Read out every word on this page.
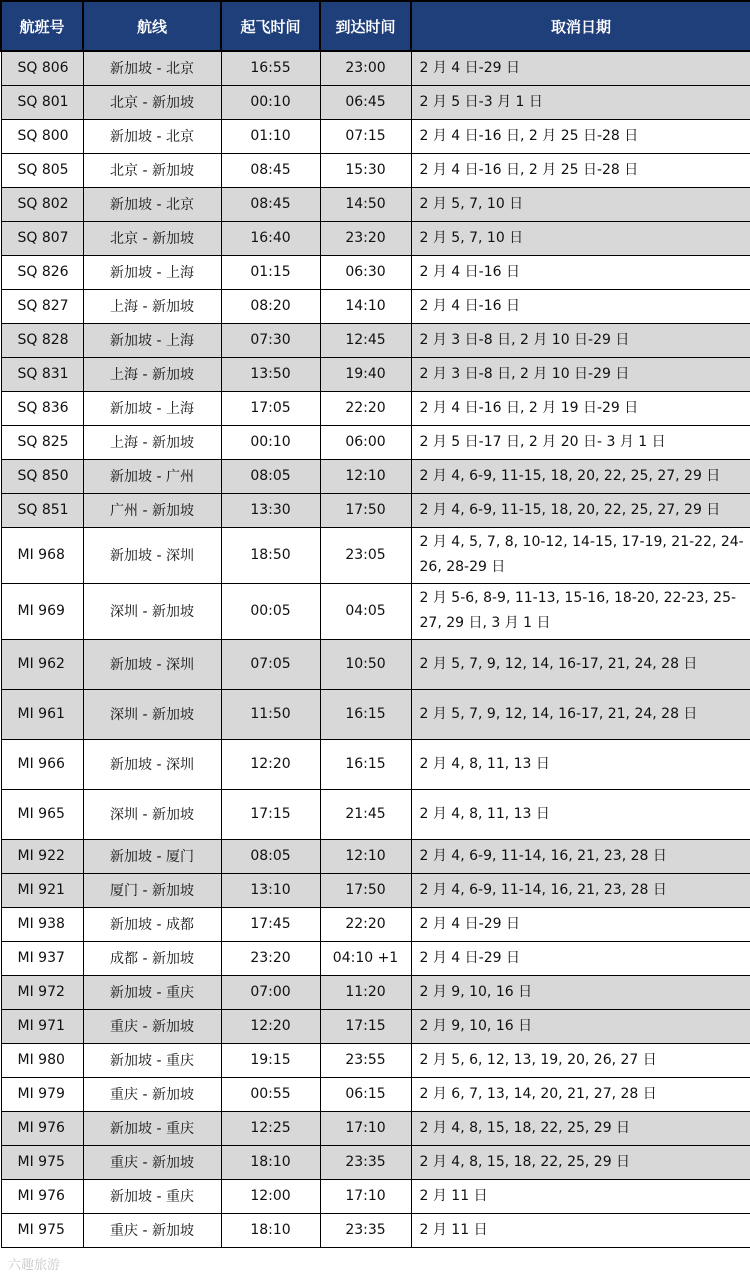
航班号	航线	起飞时间	到达时间	取消日期
SQ 806	新加坡 - 北京	16:55	23:00	2 月 4 日-29 日
SQ 801	北京 - 新加坡	00:10	06:45	2 月 5 日-3 月 1 日
SQ 800	新加坡 - 北京	01:10	07:15	2 月 4 日-16 日, 2 月 25 日-28 日
SQ 805	北京 - 新加坡	08:45	15:30	2 月 4 日-16 日, 2 月 25 日-28 日
SQ 802	新加坡 - 北京	08:45	14:50	2 月 5, 7, 10 日
SQ 807	北京 - 新加坡	16:40	23:20	2 月 5, 7, 10 日
SQ 826	新加坡 - 上海	01:15	06:30	2 月 4 日-16 日
SQ 827	上海 - 新加坡	08:20	14:10	2 月 4 日-16 日
SQ 828	新加坡 - 上海	07:30	12:45	2 月 3 日-8 日, 2 月 10 日-29 日
SQ 831	上海 - 新加坡	13:50	19:40	2 月 3 日-8 日, 2 月 10 日-29 日
SQ 836	新加坡 - 上海	17:05	22:20	2 月 4 日-16 日, 2 月 19 日-29 日
SQ 825	上海 - 新加坡	00:10	06:00	2 月 5 日-17 日, 2 月 20 日- 3 月 1 日
SQ 850	新加坡 - 广州	08:05	12:10	2 月 4, 6-9, 11-15, 18, 20, 22, 25, 27, 29 日
SQ 851	广州 - 新加坡	13:30	17:50	2 月 4, 6-9, 11-15, 18, 20, 22, 25, 27, 29 日
MI 968	新加坡 - 深圳	18:50	23:05	2 月 4, 5, 7, 8, 10-12, 14-15, 17-19, 21-22, 24-26, 28-29 日
MI 969	深圳 - 新加坡	00:05	04:05	2 月 5-6, 8-9, 11-13, 15-16, 18-20, 22-23, 25-27, 29 日, 3 月 1 日
MI 962	新加坡 - 深圳	07:05	10:50	2 月 5, 7, 9, 12, 14, 16-17, 21, 24, 28 日
MI 961	深圳 - 新加坡	11:50	16:15	2 月 5, 7, 9, 12, 14, 16-17, 21, 24, 28 日
MI 966	新加坡 - 深圳	12:20	16:15	2 月 4, 8, 11, 13 日
MI 965	深圳 - 新加坡	17:15	21:45	2 月 4, 8, 11, 13 日
MI 922	新加坡 - 厦门	08:05	12:10	2 月 4, 6-9, 11-14, 16, 21, 23, 28 日
MI 921	厦门 - 新加坡	13:10	17:50	2 月 4, 6-9, 11-14, 16, 21, 23, 28 日
MI 938	新加坡 - 成都	17:45	22:20	2 月 4 日-29 日
MI 937	成都 - 新加坡	23:20	04:10 +1	2 月 4 日-29 日
MI 972	新加坡 - 重庆	07:00	11:20	2 月 9, 10, 16 日
MI 971	重庆 - 新加坡	12:20	17:15	2 月 9, 10, 16 日
MI 980	新加坡 - 重庆	19:15	23:55	2 月 5, 6, 12, 13, 19, 20, 26, 27 日
MI 979	重庆 - 新加坡	00:55	06:15	2 月 6, 7, 13, 14, 20, 21, 27, 28 日
MI 976	新加坡 - 重庆	12:25	17:10	2 月 4, 8, 15, 18, 22, 25, 29 日
MI 975	重庆 - 新加坡	18:10	23:35	2 月 4, 8, 15, 18, 22, 25, 29 日
MI 976	新加坡 - 重庆	12:00	17:10	2 月 11 日
MI 975	重庆 - 新加坡	18:10	23:35	2 月 11 日
六趣旅游
